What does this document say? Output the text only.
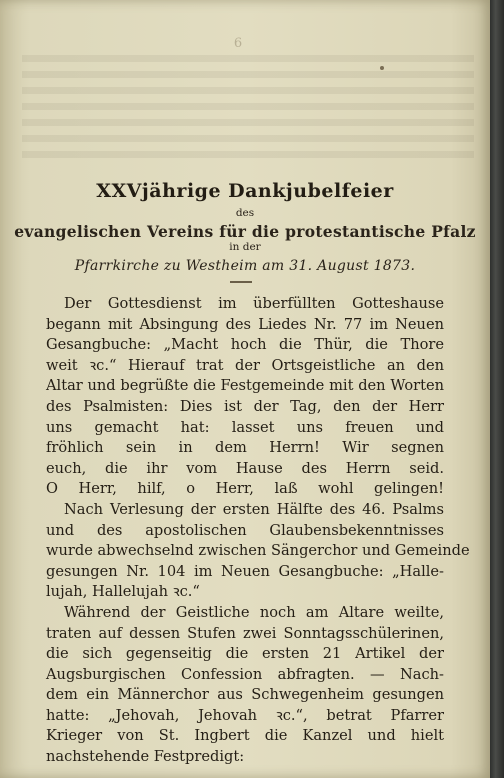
6
XXVjährige Dankjubelfeier
des
evangelischen Vereins für die protestantische Pfalz
in der
Pfarrkirche zu Westheim am 31. August 1873.
Der Gottesdienst im überfüllten Gotteshause
begann mit Absingung des Liedes Nr. 77 im Neuen
Gesangbuche: „Macht hoch die Thür, die Thore
weit ꝛc.“ Hierauf trat der Ortsgeistliche an den
Altar und begrüßte die Festgemeinde mit den Worten
des Psalmisten: Dies ist der Tag, den der Herr
uns gemacht hat: lasset uns freuen und
fröhlich sein in dem Herrn! Wir segnen
euch, die ihr vom Hause des Herrn seid.
O Herr, hilf, o Herr, laß wohl gelingen!
Nach Verlesung der ersten Hälfte des 46. Psalms
und des apostolischen Glaubensbekenntnisses
wurde abwechselnd zwischen Sängerchor und Gemeinde
gesungen Nr. 104 im Neuen Gesangbuche: „Halle-
lujah, Hallelujah ꝛc.“
Während der Geistliche noch am Altare weilte,
traten auf dessen Stufen zwei Sonntagsschülerinen,
die sich gegenseitig die ersten 21 Artikel der
Augsburgischen Confession abfragten. — Nach-
dem ein Männerchor aus Schwegenheim gesungen
hatte: „Jehovah, Jehovah ꝛc.“, betrat Pfarrer
Krieger von St. Ingbert die Kanzel und hielt
nachstehende Festpredigt:
